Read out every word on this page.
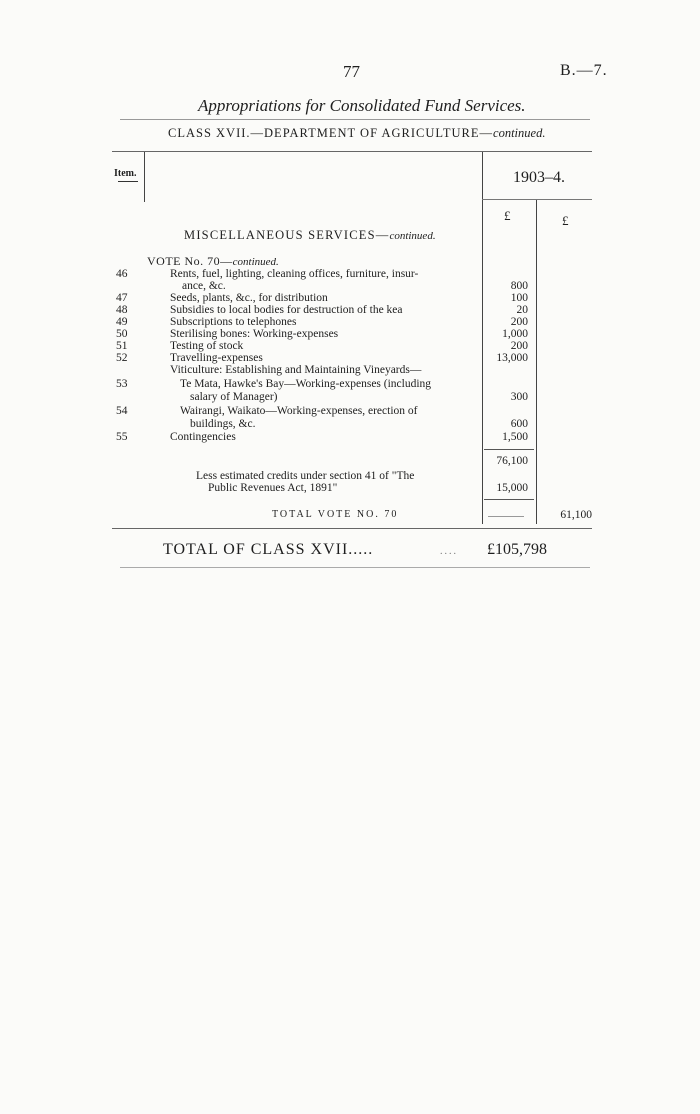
77	B.—7.
Appropriations for Consolidated Fund Services.
CLASS XVII.—DEPARTMENT OF AGRICULTURE—continued.
Item.	1903–4.
£	£
MISCELLANEOUS SERVICES—continued.
VOTE No. 70—continued.
46	Rents, fuel, lighting, cleaning offices, furniture, insur-
ance, &c.	800
47	Seeds, plants, &c., for distribution	100
48	Subsidies to local bodies for destruction of the kea	20
49	Subscriptions to telephones	200
50	Sterilising bones: Working-expenses	1,000
51	Testing of stock	200
52	Travelling-expenses	13,000
Viticulture: Establishing and Maintaining Vineyards—
53	Te Mata, Hawke's Bay—Working-expenses (including
salary of Manager)	300
54	Wairangi, Waikato—Working-expenses, erection of
buildings, &c.	600
55	Contingencies	1,500
76,100
Less estimated credits under section 41 of "The
Public Revenues Act, 1891"	15,000
TOTAL VOTE NO. 70	61,100
TOTAL OF CLASS XVII.....	.... £105,798
